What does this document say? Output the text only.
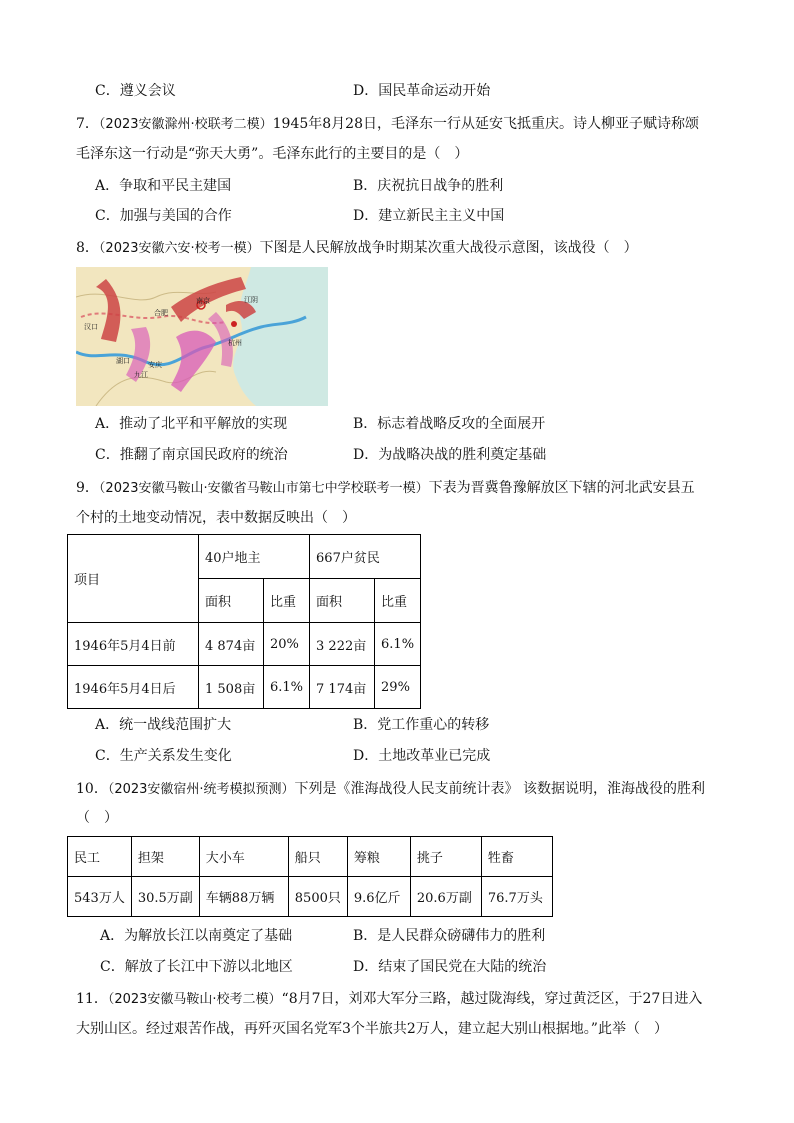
C．遵义会议	D．国民革命运动开始
7．（2023安徽滁州·校联考二模）1945年8月28日，毛泽东一行从延安飞抵重庆。诗人柳亚子赋诗称颂
毛泽东这一行动是“弥天大勇”。毛泽东此行的主要目的是（　）
A．争取和平民主建国	B．庆祝抗日战争的胜利
C．加强与美国的合作	D．建立新民主主义中国
8．（2023安徽六安·校考一模）下图是人民解放战争时期某次重大战役示意图，该战役（　）
合肥
南京	江阴
杭州
九江
安庆
湖口
汉口
A．推动了北平和平解放的实现	B．标志着战略反攻的全面展开
C．推翻了南京国民政府的统治	D．为战略决战的胜利奠定基础
9．（2023安徽马鞍山·安徽省马鞍山市第七中学校联考一模）下表为晋冀鲁豫解放区下辖的河北武安县五
个村的土地变动情况，表中数据反映出（　）
项目	40户地主		667户贫民	
	面积	比重	面积	比重
1946年5月4日前	4 874亩	20%	3 222亩	6.1%
1946年5月4日后	1 508亩	6.1%	7 174亩	29%
A．统一战线范围扩大	B．党工作重心的转移
C．生产关系发生变化	D．土地改革业已完成
10．（2023安徽宿州·统考模拟预测）下列是《淮海战役人民支前统计表》 该数据说明，淮海战役的胜利
（　）
民工	担架	大小车	船只	筹粮	挑子	牲畜
543万人	30.5万副	车辆88万辆	8500只	9.6亿斤	20.6万副	76.7万头
A．为解放长江以南奠定了基础	B．是人民群众磅礴伟力的胜利
C．解放了长江中下游以北地区	D．结束了国民党在大陆的统治
11．（2023安徽马鞍山·校考二模）“8月7日，刘邓大军分三路，越过陇海线，穿过黄泛区，于27日进入
大别山区。经过艰苦作战，再歼灭国名党军3个半旅共2万人，建立起大别山根据地。”此举（　）
